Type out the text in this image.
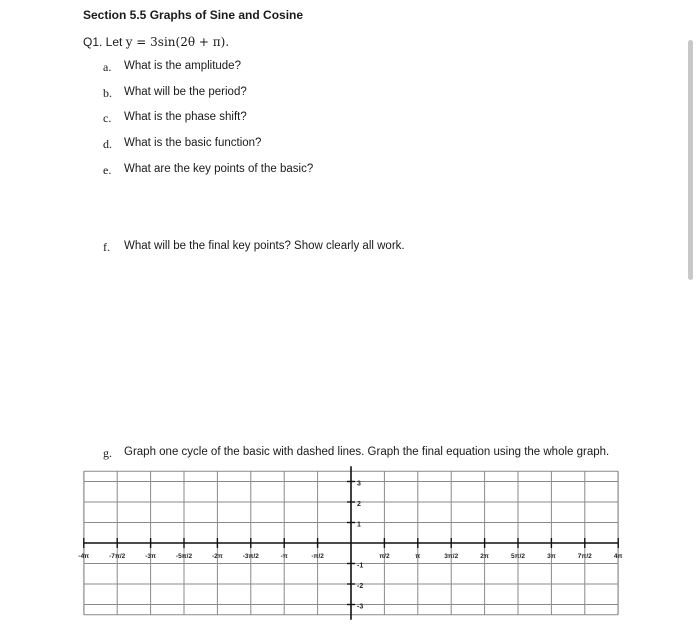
Section 5.5 Graphs of Sine and Cosine
Q1. Let y = 3sin(2θ + π).
a. What is the amplitude?
b. What will be the period?
c. What is the phase shift?
d. What is the basic function?
e. What are the key points of the basic?
f. What will be the final key points? Show clearly all work.
g. Graph one cycle of the basic with dashed lines. Graph the final equation using the whole graph.
-4π	-7π/2	-3π	-5π/2	-2π	-3π/2	-π	-π/2	π/2	π	3π/2	2π	5π/2	3π	7π/2	4π
3
2
1
-1
-2
-3
